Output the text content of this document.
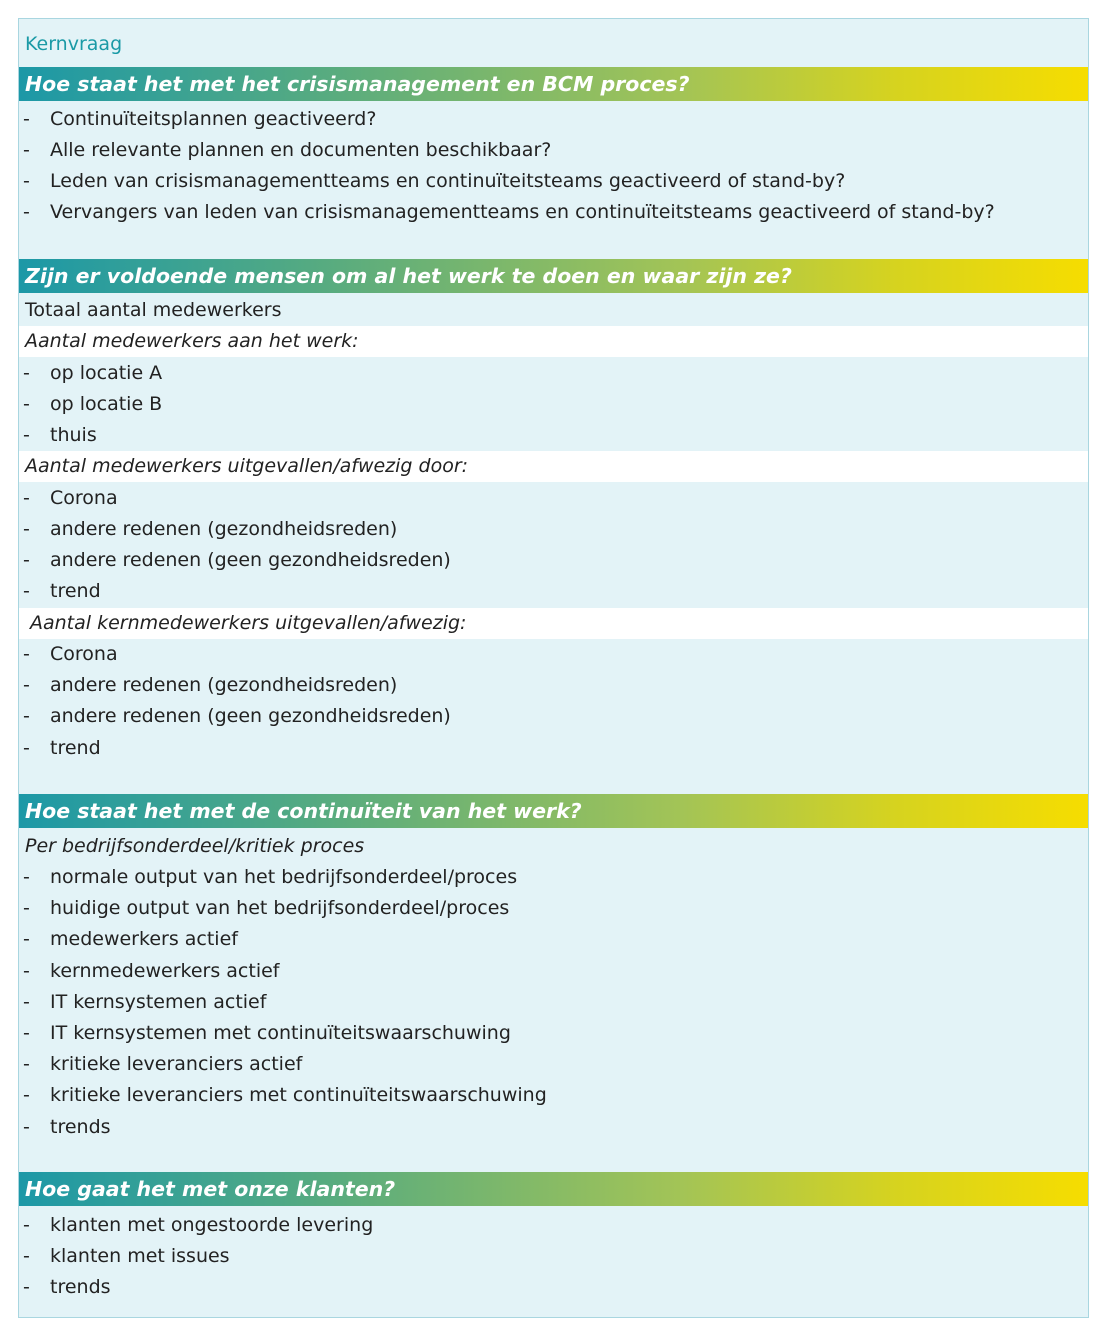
Kernvraag
Hoe staat het met het crisismanagement en BCM proces?
- Continuïteitsplannen geactiveerd?
- Alle relevante plannen en documenten beschikbaar?
- Leden van crisismanagementteams en continuïteitsteams geactiveerd of stand-by?
- Vervangers van leden van crisismanagementteams en continuïteitsteams geactiveerd of stand-by?
Zijn er voldoende mensen om al het werk te doen en waar zijn ze?
Totaal aantal medewerkers
Aantal medewerkers aan het werk:
- op locatie A
- op locatie B
- thuis
Aantal medewerkers uitgevallen/afwezig door:
- Corona
- andere redenen (gezondheidsreden)
- andere redenen (geen gezondheidsreden)
- trend
Aantal kernmedewerkers uitgevallen/afwezig:
- Corona
- andere redenen (gezondheidsreden)
- andere redenen (geen gezondheidsreden)
- trend
Hoe staat het met de continuïteit van het werk?
Per bedrijfsonderdeel/kritiek proces
- normale output van het bedrijfsonderdeel/proces
- huidige output van het bedrijfsonderdeel/proces
- medewerkers actief
- kernmedewerkers actief
- IT kernsystemen actief
- IT kernsystemen met continuïteitswaarschuwing
- kritieke leveranciers actief
- kritieke leveranciers met continuïteitswaarschuwing
- trends
Hoe gaat het met onze klanten?
- klanten met ongestoorde levering
- klanten met issues
- trends
